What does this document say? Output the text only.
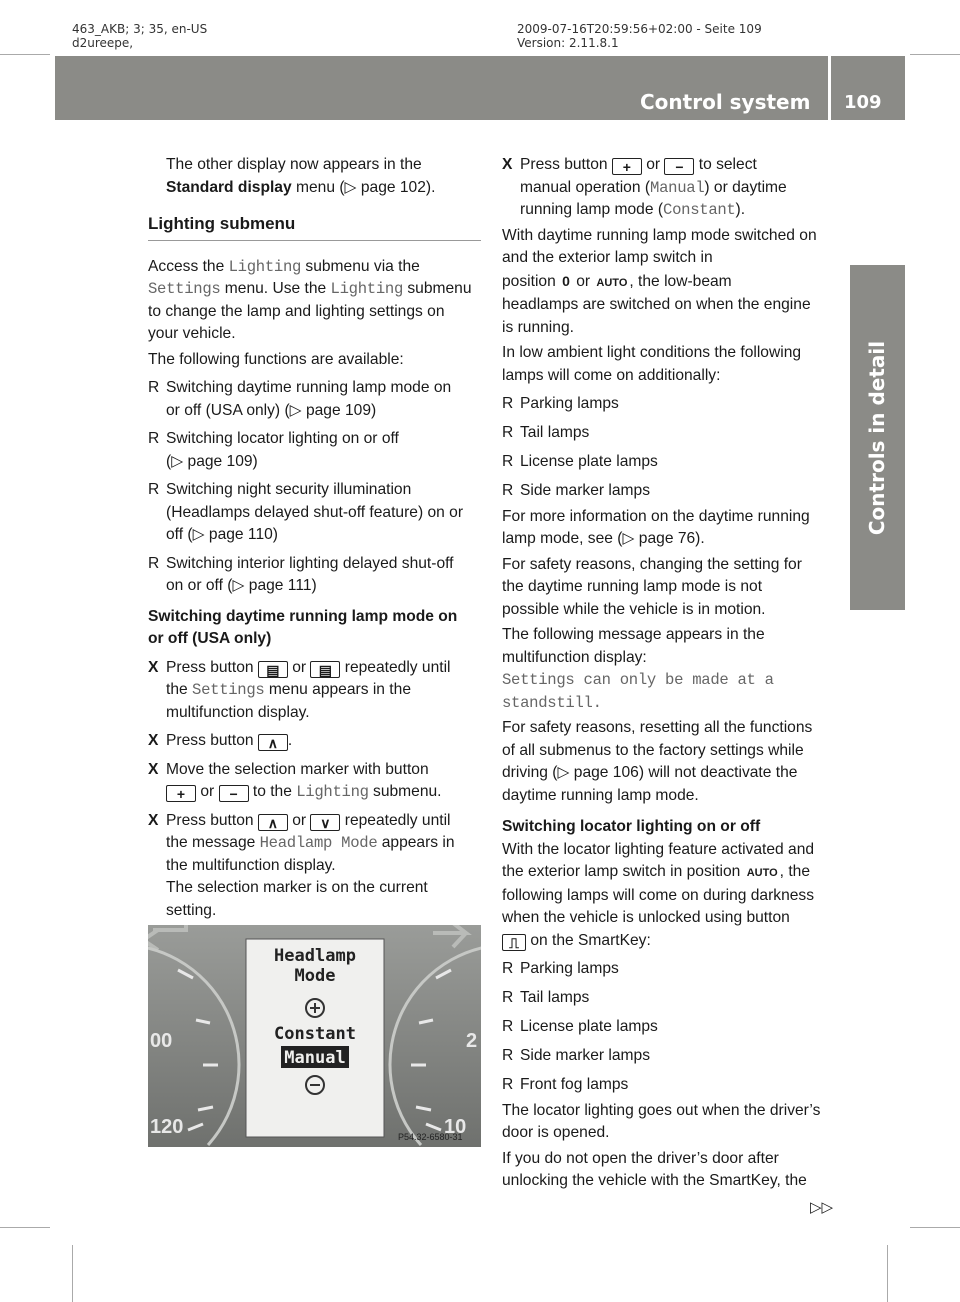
463_AKB; 3; 35, en-US
d2ureepe,
2009-07-16T20:59:56+02:00 - Seite 109
Version: 2.11.8.1
Control system 109
Controls in detail

The other display now appears in the

Standard display menu (▷ page 102).

Lighting submenu

Access the Lighting submenu via the

Settings menu. Use the Lighting submenu

to change the lamp and lighting settings on

your vehicle.

The following functions are available:

R Switching daytime running lamp mode on
or off (USA only) (▷ page 109)

R Switching locator lighting on or off
(▷ page 109)

R Switching night security illumination
(Headlamps delayed shut-off feature) on or
off (▷ page 110)

R Switching interior lighting delayed shut-off
on or off (▷ page 111)

Switching daytime running lamp mode on
or off (USA only)

X Press button ▤ or ▤ repeatedly until
the Settings menu appears in the
multifunction display.

X Press button ∧ .

X Move the selection marker with button
+ or − to the Lighting submenu.

X Press button ∧ or ∨ repeatedly until
the message Headlamp Mode appears in
the multifunction display.
The selection marker is on the current
setting.

Headlamp
Mode
Constant
Manual
00
120
2
10
P54.32-6580-31

X Press button + or − to select
manual operation (Manual) or daytime
running lamp mode (Constant).

With daytime running lamp mode switched on
and the exterior lamp switch in
position 0 or AUTO , the low-beam
headlamps are switched on when the engine
is running.

In low ambient light conditions the following
lamps will come on additionally:

R Parking lamps

R Tail lamps

R License plate lamps

R Side marker lamps

For more information on the daytime running
lamp mode, see (▷ page 76).

For safety reasons, changing the setting for
the daytime running lamp mode is not
possible while the vehicle is in motion.

The following message appears in the
multifunction display:
Settings can only be made at a
standstill.

For safety reasons, resetting all the functions
of all submenus to the factory settings while
driving (▷ page 106) will not deactivate the
daytime running lamp mode.

Switching locator lighting on or off

With the locator lighting feature activated and
the exterior lamp switch in position AUTO , the
following lamps will come on during darkness
when the vehicle is unlocked using button
⎍ on the SmartKey:

R Parking lamps

R Tail lamps

R License plate lamps

R Side marker lamps

R Front fog lamps

The locator lighting goes out when the driver’s
door is opened.

If you do not open the driver’s door after
unlocking the vehicle with the SmartKey, the

▷▷
